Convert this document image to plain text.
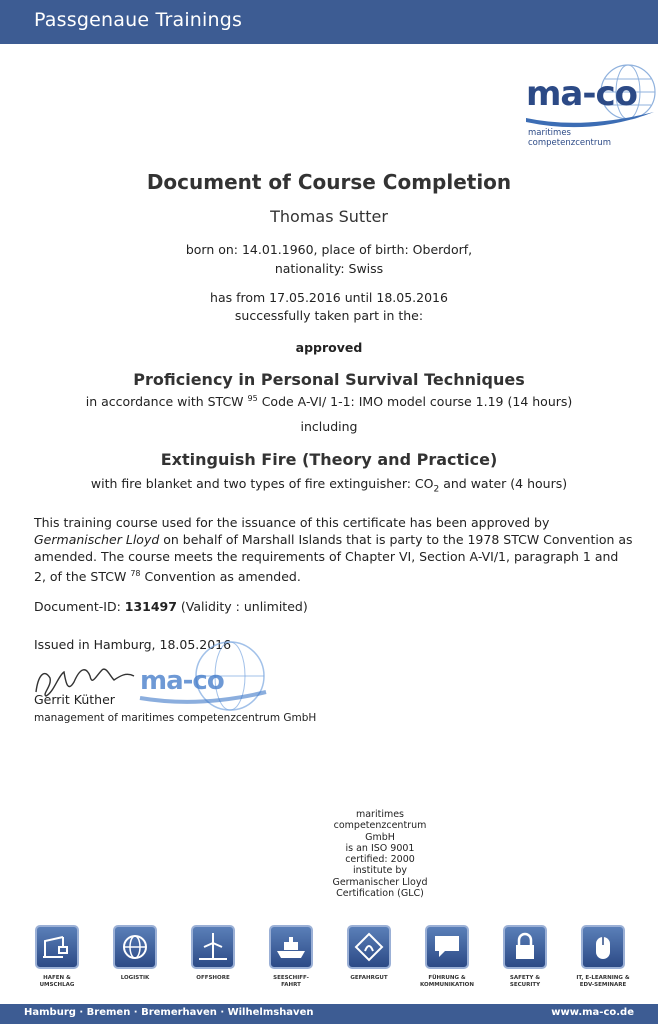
Passgenaue Trainings
ma-co
maritimes
competenzcentrum
Document of Course Completion
Thomas Sutter
born on: 14.01.1960, place of birth: Oberdorf,
nationality: Swiss
has from 17.05.2016 until 18.05.2016
successfully taken part in the:
approved
Proficiency in Personal Survival Techniques
in accordance with STCW $^{95}$ Code A-VI/ 1-1: IMO model course 1.19 (14 hours)
including
Extinguish Fire (Theory and Practice)
with fire blanket and two types of fire extinguisher: $CO_2$ and water (4 hours)
This training course used for the issuance of this certificate has been approved by Germanischer Lloyd on behalf of Marshall Islands that is party to the 1978 STCW Convention as amended. The course meets the requirements of Chapter VI, Section A-VI/1, paragraph 1 and 2, of the STCW $^{78}$ Convention as amended.
Document-ID: 131497 (Validity : unlimited)
Issued in Hamburg, 18.05.2016
ma-co
Gerrit Küther
management of maritimes competenzcentrum GmbH
maritimes
competenzcentrum
GmbH
is an ISO 9001
certified: 2000
institute by
Germanischer Lloyd
Certification (GLC)
HAFEN &
UMSCHLAG
LOGISTIK	OFFSHORE	SEESCHIFF-
FAHRT
GEFAHRGUT	FÜHRUNG &
KOMMUNIKATION
SAFETY &
SECURITY
IT, E-LEARNING &
EDV-SEMINARE
Hamburg · Bremen · Bremerhaven · Wilhelmshaven	www.ma-co.de
